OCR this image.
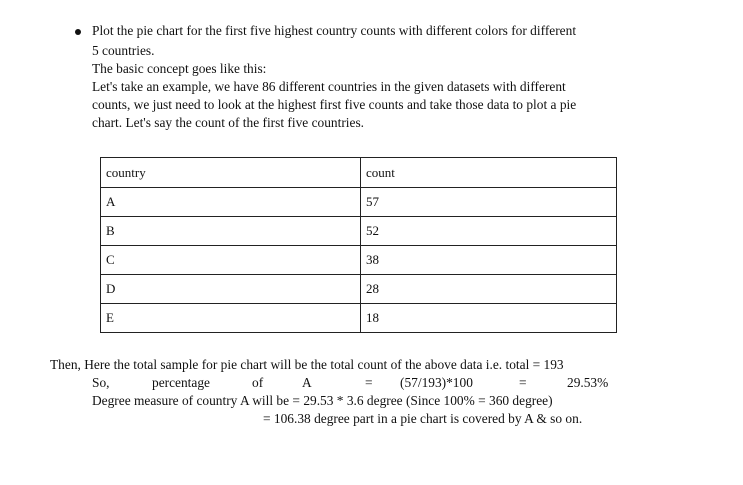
Plot the pie chart for the first five highest country counts with different colors for different
5 countries.
The basic concept goes like this:
Let's take an example, we have 86 different countries in the given datasets with different
counts, we just need to look at the highest first five counts and take those data to plot a pie
chart. Let's say the count of the first five countries.
country	count
A	57
B	52
C	38
D	28
E	18
Then, Here the total sample for pie chart will be the total count of the above data i.e. total = 193
So,	percentage	of	A	= (57/193)*100	=	29.53%
Degree measure of country A will be = 29.53 * 3.6 degree (Since 100% = 360 degree)
= 106.38 degree part in a pie chart is covered by A & so on.
